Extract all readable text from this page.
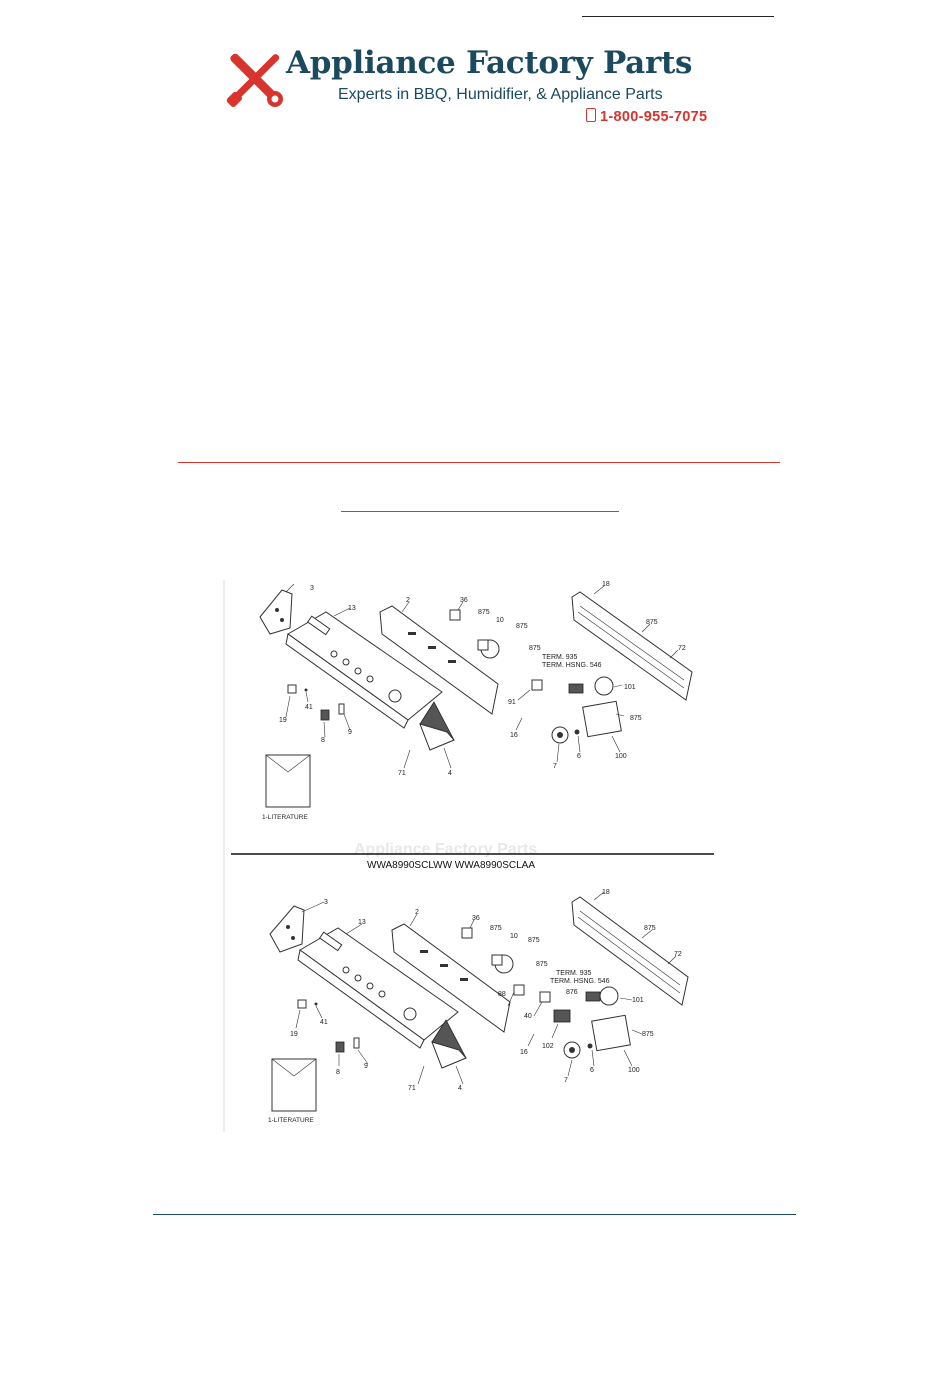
Appliance Factory Parts
Experts in BBQ, Humidifier, & Appliance Parts
1-800-955-7075
3
13
2	36
875
10
875
18
875
72
875
TERM. 935
TERM. HSNG. 546
101
91
16
875
19
41
8
9
71	4
7
6	100
1-LITERATURE
Appliance Factory Parts
WWA8990SCLWW WWA8990SCLAA
3
13
2
36
875
10
875
18
875
72
875
TERM. 935
TERM. HSNG. 546
876
101
88
40
16
102
875
19
41
8
9
71	4
7
6	100
1-LITERATURE
